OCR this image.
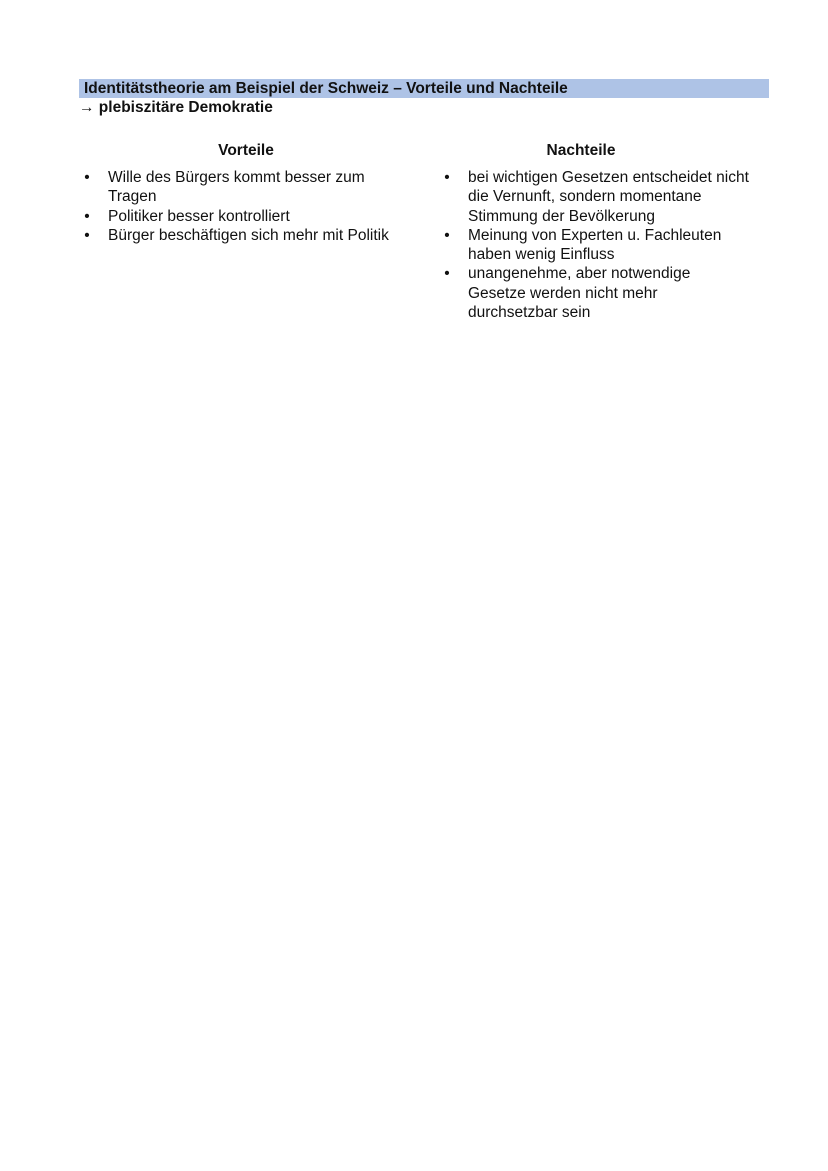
Identitätstheorie am Beispiel der Schweiz – Vorteile und Nachteile
→ plebiszitäre Demokratie
Vorteile
• Wille des Bürgers kommt besser zum Tragen
• Politiker besser kontrolliert
• Bürger beschäftigen sich mehr mit Politik
Nachteile
• bei wichtigen Gesetzen entscheidet nicht die Vernunft, sondern momentane Stimmung der Bevölkerung
• Meinung von Experten u. Fachleuten haben wenig Einfluss
• unangenehme, aber notwendige Gesetze werden nicht mehr durchsetzbar sein
